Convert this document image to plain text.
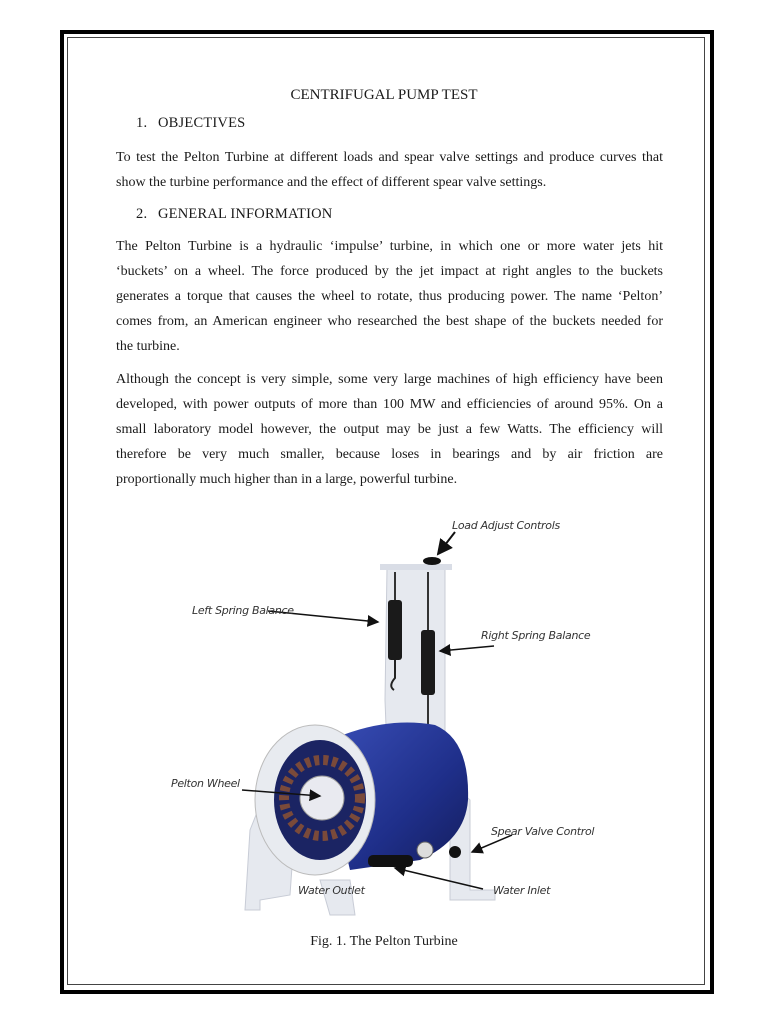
CENTRIFUGAL PUMP TEST
1. OBJECTIVES
To test the Pelton Turbine at different loads and spear valve settings and produce curves that
show the turbine performance and the effect of different spear valve settings.
2. GENERAL INFORMATION
The Pelton Turbine is a hydraulic ‘impulse’ turbine, in which one or more water jets hit
‘buckets’ on a wheel. The force produced by the jet impact at right angles to the buckets
generates a torque that causes the wheel to rotate, thus producing power. The name ‘Pelton’
comes from, an American engineer who researched the best shape of the buckets needed for
the turbine.
Although the concept is very simple, some very large machines of high efficiency have been
developed, with power outputs of more than 100 MW and efficiencies of around 95%. On a
small laboratory model however, the output may be just a few Watts. The efficiency will
therefore be very much smaller, because loses in bearings and by air friction are
proportionally much higher than in a large, powerful turbine.
Load Adjust Controls
Left Spring Balance
Right Spring Balance
Pelton Wheel
Spear Valve Control
Water Outlet	Water Inlet
Fig. 1. The Pelton Turbine
